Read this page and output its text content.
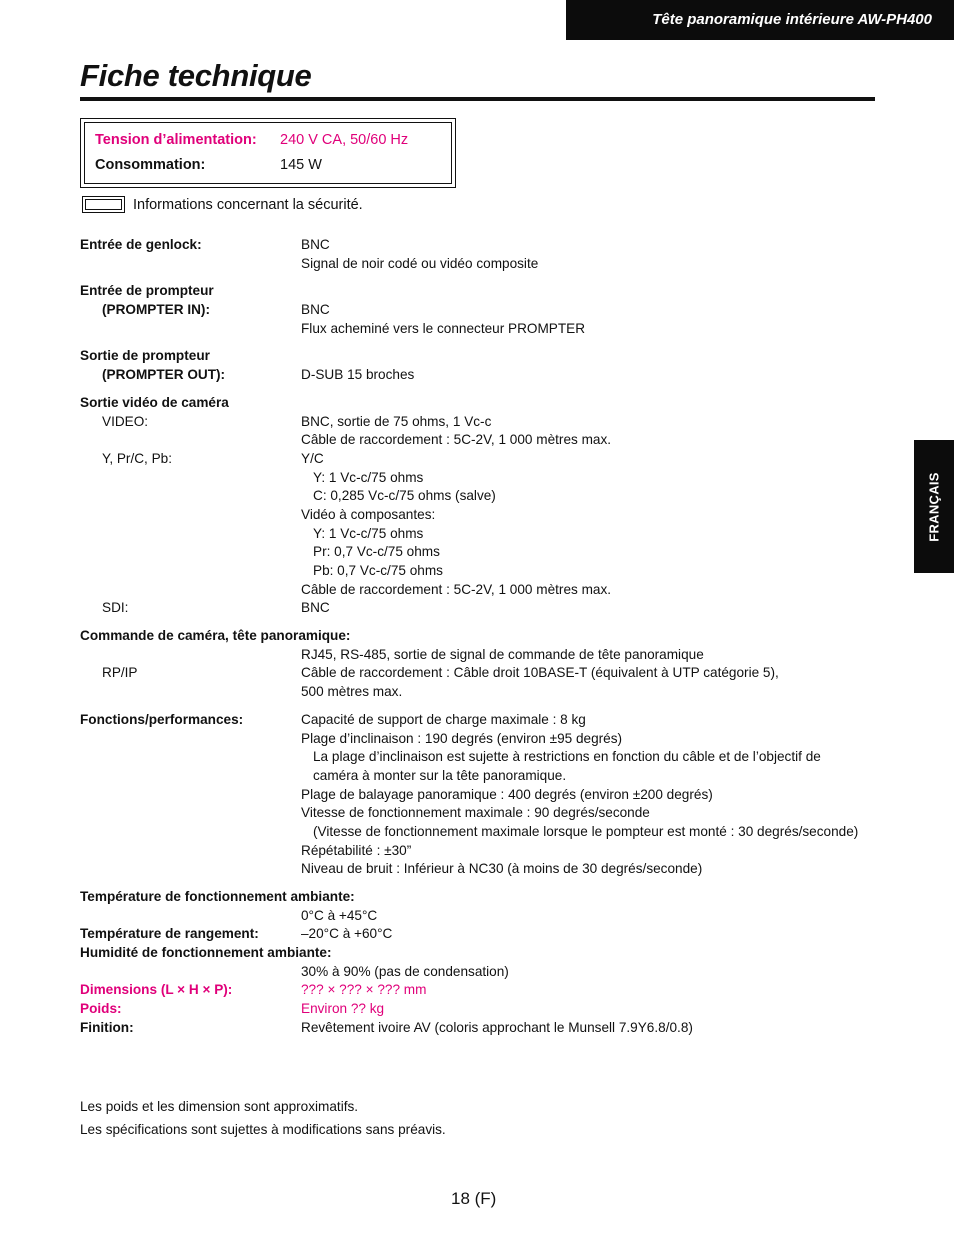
Tête panoramique intérieure AW-PH400
Fiche technique
Tension d’alimentation: 240 V CA, 50/60 Hz
Consommation:	145 W
Informations concernant la sécurité.
Entrée de genlock:	BNC
Signal de noir codé ou vidéo composite
Entrée de prompteur
(PROMPTER IN):	BNC
Flux acheminé vers le connecteur PROMPTER
Sortie de prompteur
(PROMPTER OUT):	D-SUB 15 broches
Sortie vidéo de caméra
VIDEO:	BNC, sortie de 75 ohms, 1 Vc-c
Câble de raccordement : 5C-2V, 1 000 mètres max.
Y, Pr/C, Pb:	Y/C
Y: 1 Vc-c/75 ohms
C: 0,285 Vc-c/75 ohms (salve)
Vidéo à composantes:
Y: 1 Vc-c/75 ohms
Pr: 0,7 Vc-c/75 ohms
Pb: 0,7 Vc-c/75 ohms
Câble de raccordement : 5C-2V, 1 000 mètres max.
SDI:	BNC
Commande de caméra, tête panoramique:
RJ45, RS-485, sortie de signal de commande de tête panoramique
RP/IP	Câble de raccordement : Câble droit 10BASE-T (équivalent à UTP catégorie 5),
500 mètres max.
Fonctions/performances:	Capacité de support de charge maximale : 8 kg
Plage d’inclinaison : 190 degrés (environ ±95 degrés)
La plage d’inclinaison est sujette à restrictions en fonction du câble et de l’objectif de
caméra à monter sur la tête panoramique.
Plage de balayage panoramique : 400 degrés (environ ±200 degrés)
Vitesse de fonctionnement maximale : 90 degrés/seconde
(Vitesse de fonctionnement maximale lorsque le pompteur est monté : 30 degrés/seconde)
Répétabilité : ±30”
Niveau de bruit : Inférieur à NC30 (à moins de 30 degrés/seconde)
Température de fonctionnement ambiante:
0°C à +45°C
Température de rangement:	–20°C à +60°C
Humidité de fonctionnement ambiante:
30% à 90% (pas de condensation)
Dimensions (L × H × P):	??? × ??? × ??? mm
Poids:	Environ ?? kg
Finition:	Revêtement ivoire AV (coloris approchant le Munsell 7.9Y6.8/0.8)
Les poids et les dimension sont approximatifs.
Les spécifications sont sujettes à modifications sans préavis.
18 (F)
FRANÇAIS
